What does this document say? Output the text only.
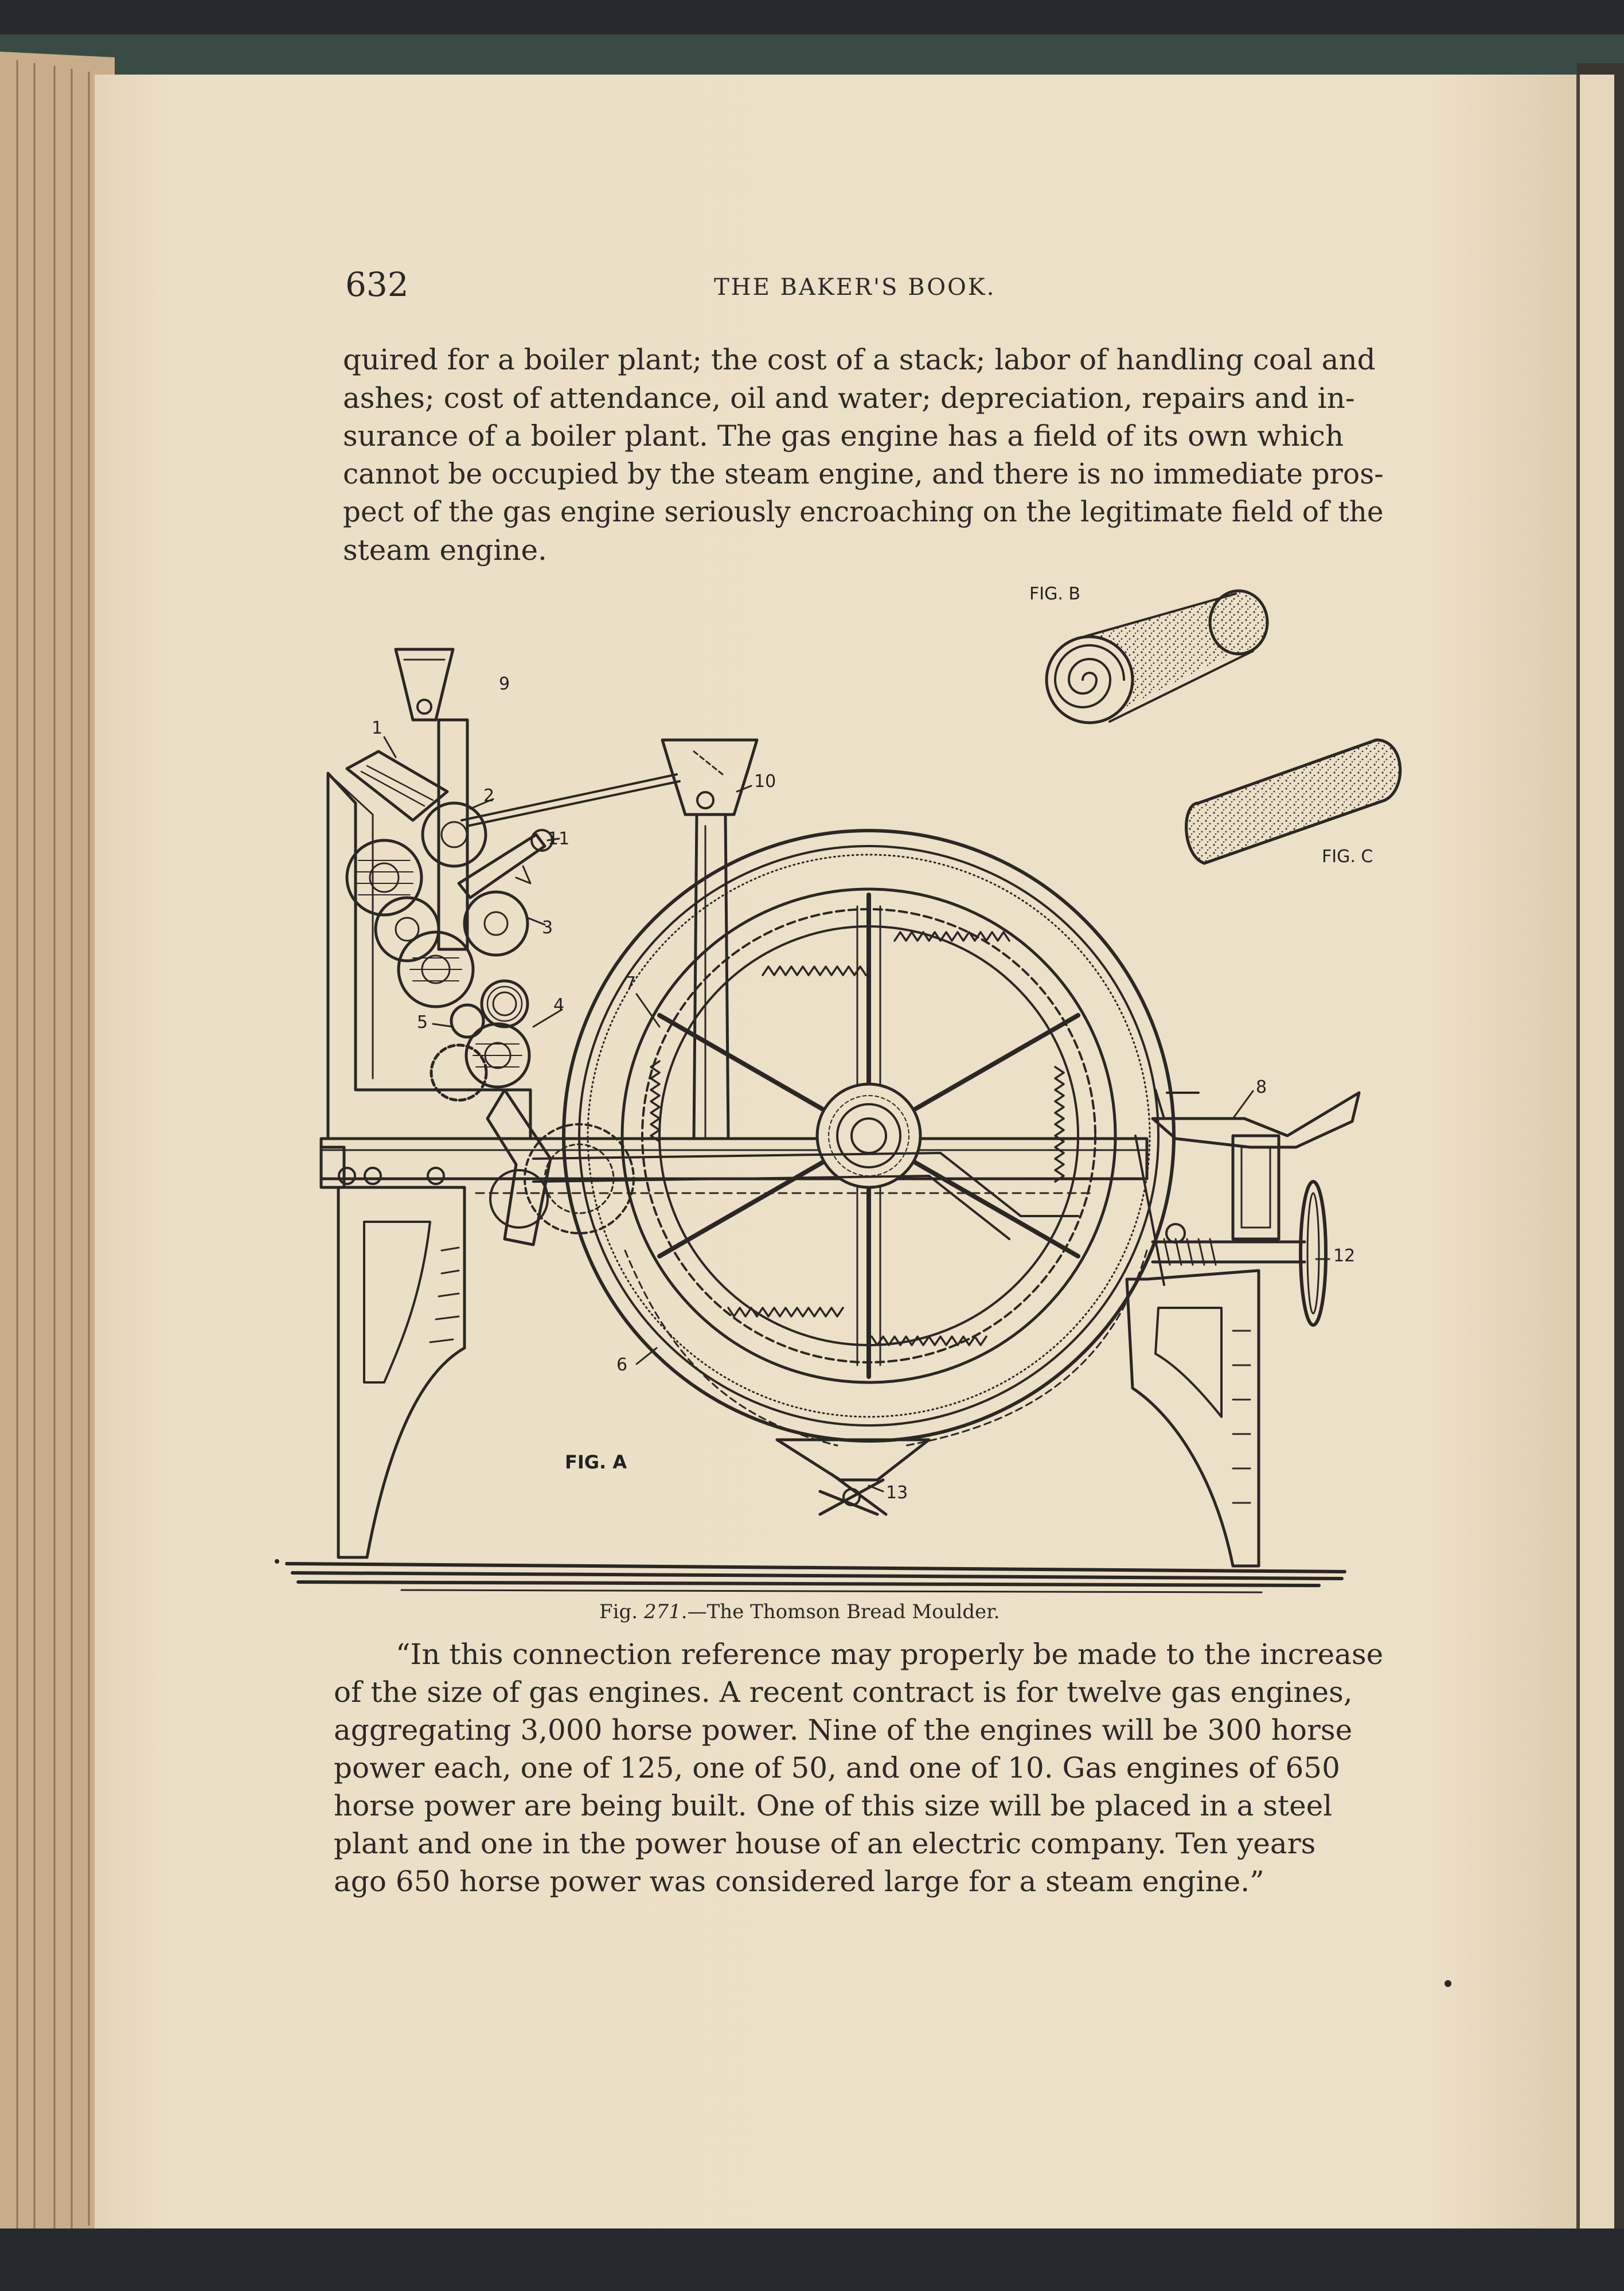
632	THE BAKER'S BOOK.
quired for a boiler plant; the cost of a stack; labor of handling coal and
ashes; cost of attendance, oil and water; depreciation, repairs and in-
surance of a boiler plant. The gas engine has a field of its own which
cannot be occupied by the steam engine, and there is no immediate pros-
pect of the gas engine seriously encroaching on the legitimate field of the
steam engine.
FIG. B
FIG. C
FIG. A
1
2
3
4
5
6
7
8
9
10
11
12
13
Fig. 271.—The Thomson Bread Moulder.
“In this connection reference may properly be made to the increase
of the size of gas engines. A recent contract is for twelve gas engines,
aggregating 3,000 horse power. Nine of the engines will be 300 horse
power each, one of 125, one of 50, and one of 10. Gas engines of 650
horse power are being built. One of this size will be placed in a steel
plant and one in the power house of an electric company. Ten years
ago 650 horse power was considered large for a steam engine.”
